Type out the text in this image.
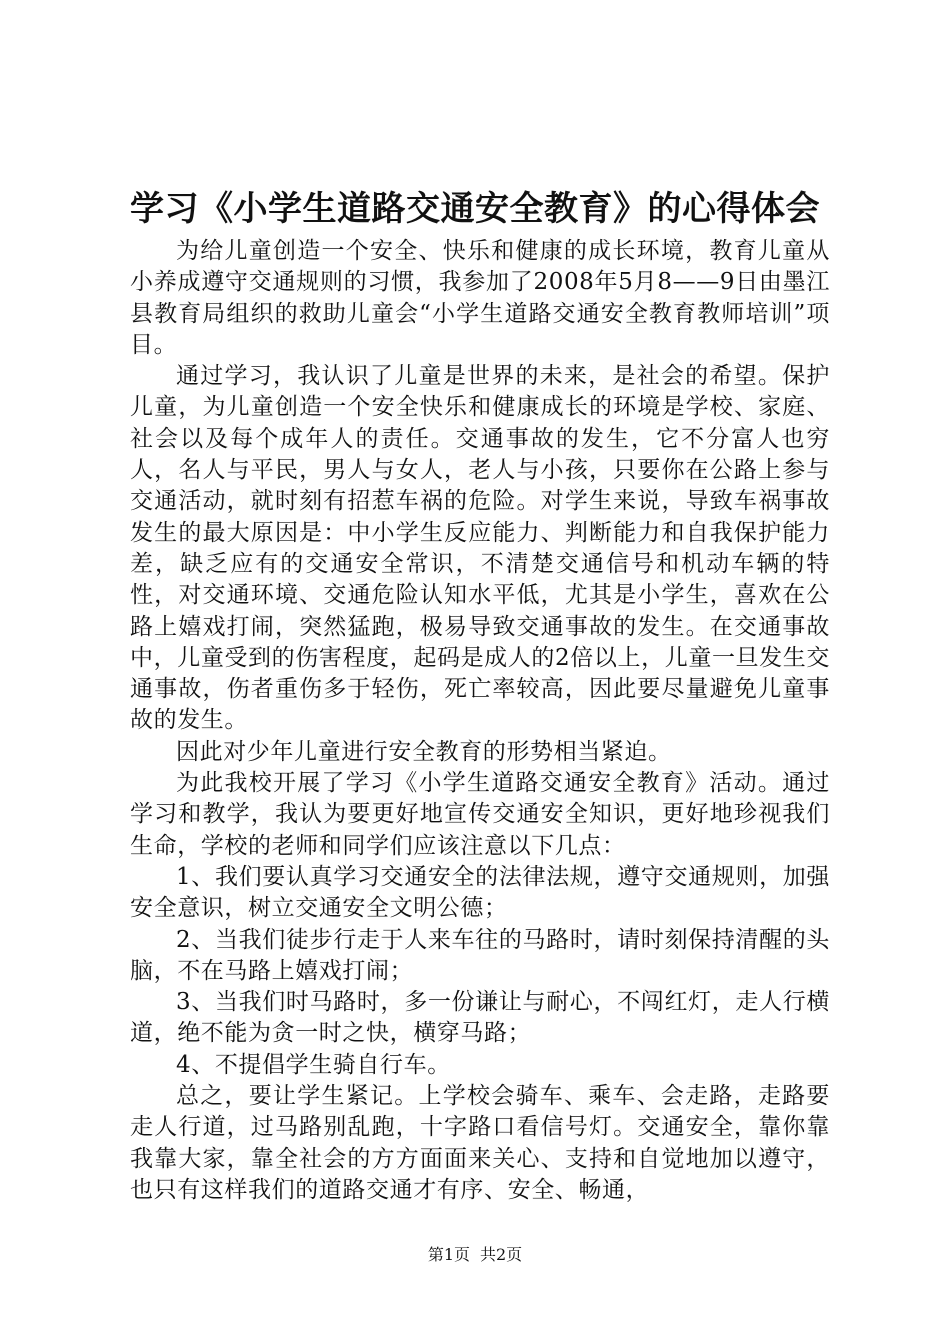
学习《小学生道路交通安全教育》的心得体会

为给儿童创造一个安全、快乐和健康的成长环境，教育儿童从小养成遵守交通规则的习惯，我参加了2008年5月8——9日由墨江县教育局组织的救助儿童会“小学生道路交通安全教育教师培训”项目。

通过学习，我认识了儿童是世界的未来，是社会的希望。保护儿童，为儿童创造一个安全快乐和健康成长的环境是学校、家庭、社会以及每个成年人的责任。交通事故的发生，它不分富人也穷人，名人与平民，男人与女人，老人与小孩，只要你在公路上参与交通活动，就时刻有招惹车祸的危险。对学生来说，导致车祸事故发生的最大原因是：中小学生反应能力、判断能力和自我保护能力差，缺乏应有的交通安全常识，不清楚交通信号和机动车辆的特性，对交通环境、交通危险认知水平低，尤其是小学生，喜欢在公路上嬉戏打闹，突然猛跑，极易导致交通事故的发生。在交通事故中，儿童受到的伤害程度，起码是成人的2倍以上，儿童一旦发生交通事故，伤者重伤多于轻伤，死亡率较高，因此要尽量避免儿童事故的发生。

因此对少年儿童进行安全教育的形势相当紧迫。

为此我校开展了学习《小学生道路交通安全教育》活动。通过学习和教学，我认为要更好地宣传交通安全知识，更好地珍视我们生命，学校的老师和同学们应该注意以下几点：

1、我们要认真学习交通安全的法律法规，遵守交通规则，加强安全意识，树立交通安全文明公德；

2、当我们徒步行走于人来车往的马路时，请时刻保持清醒的头脑，不在马路上嬉戏打闹；

3、当我们时马路时，多一份谦让与耐心，不闯红灯，走人行横道，绝不能为贪一时之快，横穿马路；

4、不提倡学生骑自行车。

总之，要让学生紧记。上学校会骑车、乘车、会走路，走路要走人行道，过马路别乱跑，十字路口看信号灯。交通安全，靠你靠我靠大家，靠全社会的方方面面来关心、支持和自觉地加以遵守，也只有这样我们的道路交通才有序、安全、畅通，

第1页 共2页
